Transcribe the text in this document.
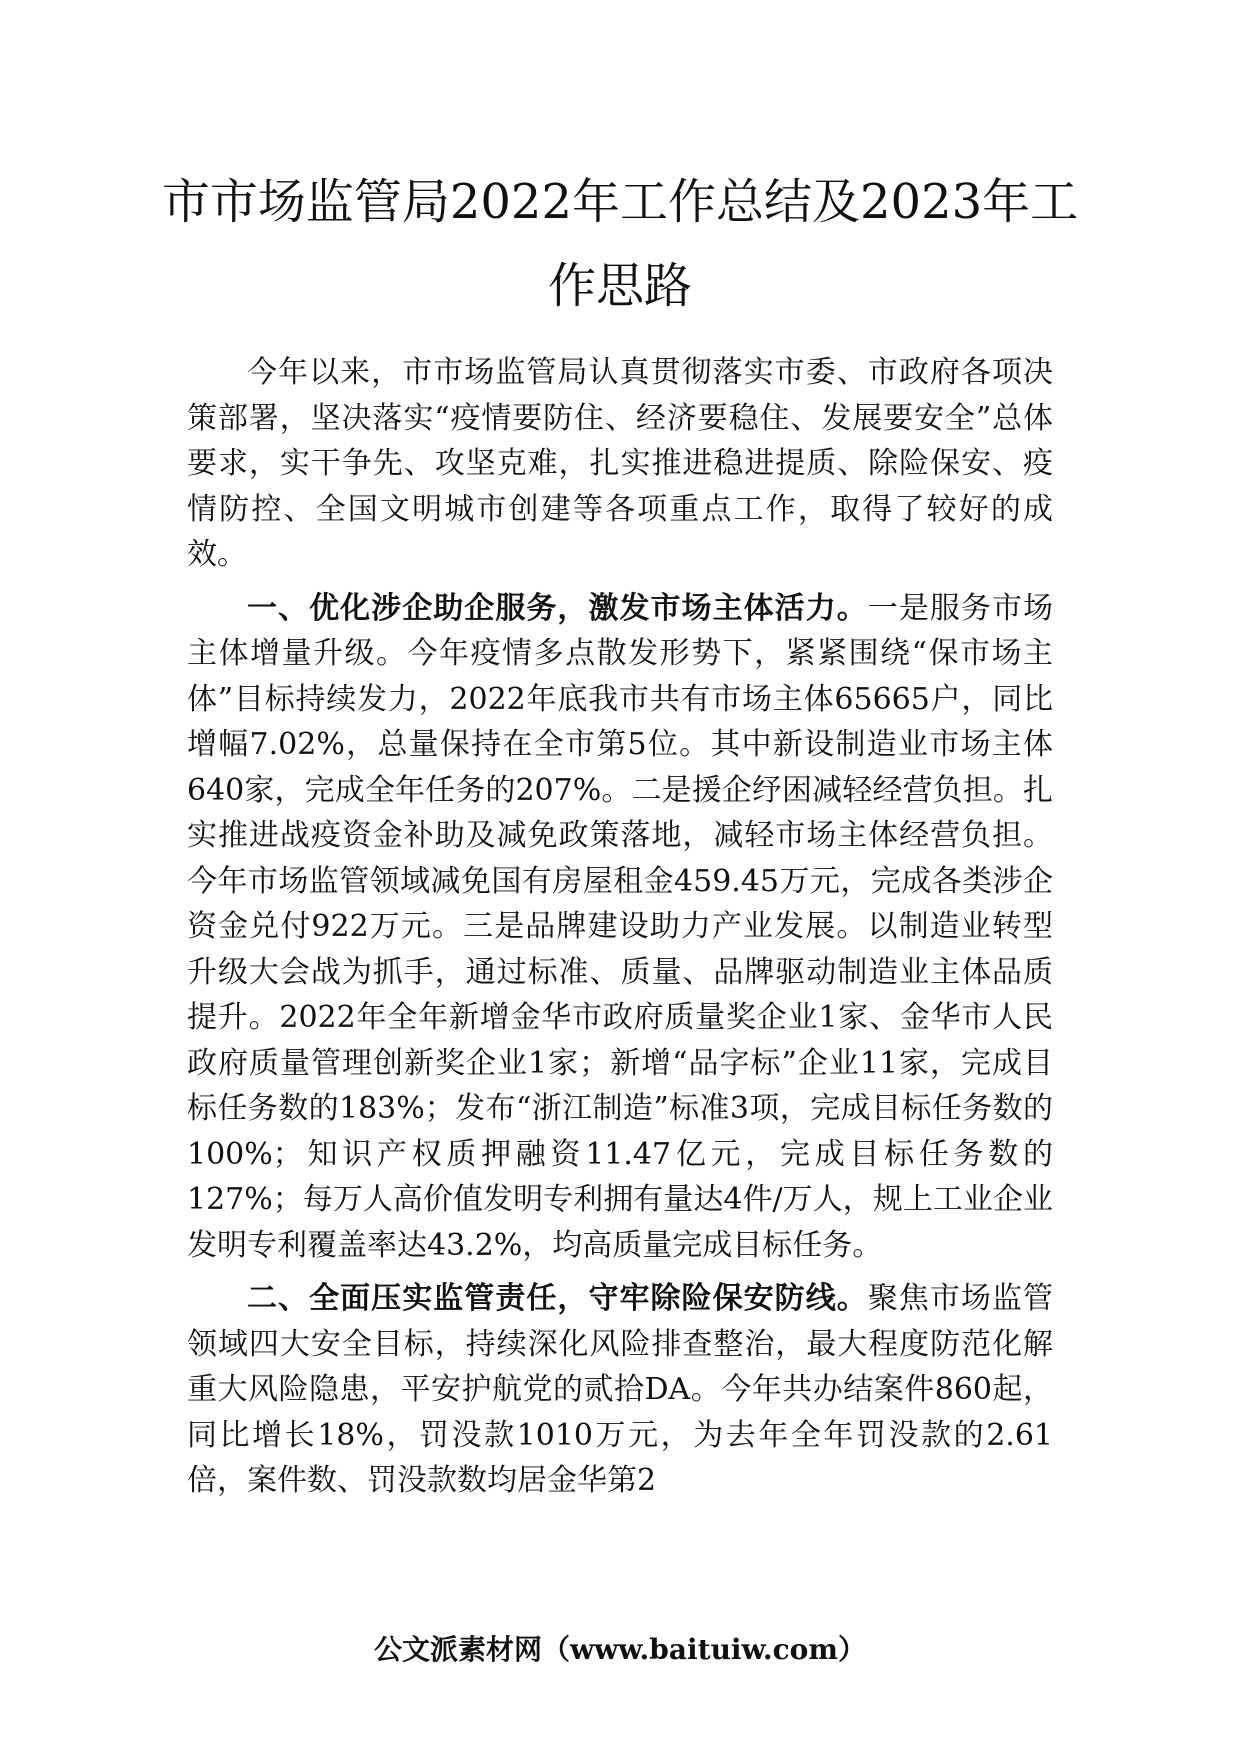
市市场监管局2022年工作总结及2023年工
作思路

今年以来，市市场监管局认真贯彻落实市委、市政府各项决策部署，坚决落实“疫情要防住、经济要稳住、发展要安全”总体要求，实干争先、攻坚克难，扎实推进稳进提质、除险保安、疫情防控、全国文明城市创建等各项重点工作，取得了较好的成效。

一、优化涉企助企服务，激发市场主体活力。一是服务市场主体增量升级。今年疫情多点散发形势下，紧紧围绕“保市场主体”目标持续发力，2022年底我市共有市场主体65665户，同比增幅7.02%，总量保持在全市第5位。其中新设制造业市场主体640家，完成全年任务的207%。二是援企纾困减轻经营负担。扎实推进战疫资金补助及减免政策落地，减轻市场主体经营负担。今年市场监管领域减免国有房屋租金459.45万元，完成各类涉企资金兑付922万元。三是品牌建设助力产业发展。以制造业转型升级大会战为抓手，通过标准、质量、品牌驱动制造业主体品质提升。2022年全年新增金华市政府质量奖企业1家、金华市人民政府质量管理创新奖企业1家；新增“品字标”企业11家，完成目标任务数的183%；发布“浙江制造”标准3项，完成目标任务数的100%；知识产权质押融资11.47亿元，完成目标任务数的127%；每万人高价值发明专利拥有量达4件/万人，规上工业企业发明专利覆盖率达43.2%，均高质量完成目标任务。

二、全面压实监管责任，守牢除险保安防线。聚焦市场监管领域四大安全目标，持续深化风险排查整治，最大程度防范化解重大风险隐患，平安护航党的贰拾DA。今年共办结案件860起，同比增长18%，罚没款1010万元，为去年全年罚没款的2.61倍，案件数、罚没款数均居金华第2

公文派素材网（www.baituiw.com）
